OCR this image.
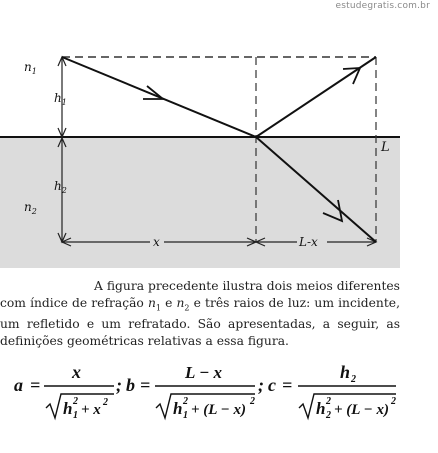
estudegratis.com.br
$n_1$
$h_1$
$h_2$
$n_2$
L
x	L-x
A figura precedente ilustra dois meios diferentes com índice de refração $n_1$ e $n_2$ e três raios de luz: um incidente, um refletido e um refratado. São apresentadas, a seguir, as definições geométricas relativas a essa figura.
a =
x
h 2
1 + x 2
; b =
L − x
h 2
1 + (L − x)
2
; c =
h 2
h 2
2 + (L − x)
2
